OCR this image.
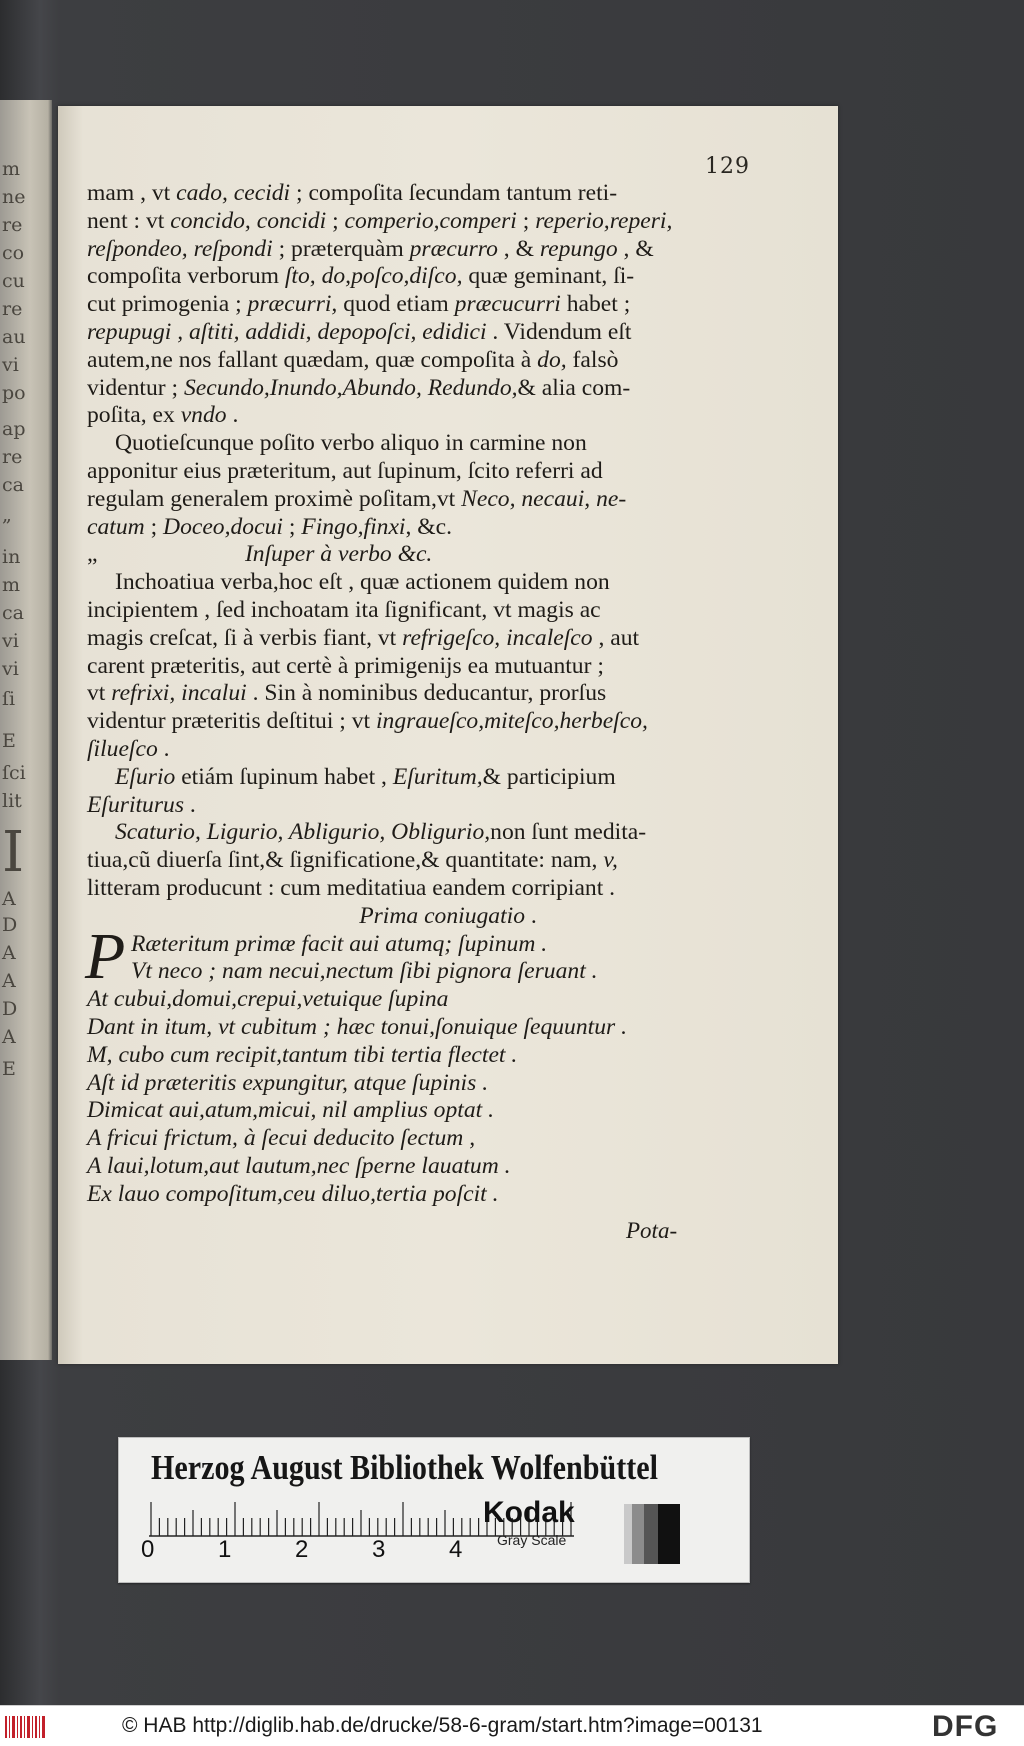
m
ne
re
co
cu
re
au
vi
po
ap
re
ca
„
in
m
ca
vi
vi
ſi
E
ſci
lit
I
A
D
A
A
D
A
E
129
mam , vt cado, cecidi ; compoſita ſecundam tantum reti-
nent : vt concido, concidi ; comperio,comperi ; reperio,reperi,
reſpondeo, reſpondi ; præterquàm præcurro , & repungo , &
compoſita verborum ſto, do,poſco,diſco, quæ geminant, ſi-
cut primogenia ; præcurri, quod etiam præcucurri habet ;
repupugi , aſtiti, addidi, depopoſci, edidici . Videndum eſt
autem,ne nos fallant quædam, quæ compoſita à do, falsò
videntur ; Secundo,Inundo,Abundo, Redundo,& alia com-
poſita, ex vndo .
Quotieſcunque poſito verbo aliquo in carmine non
apponitur eius præteritum, aut ſupinum, ſcito referri ad
regulam generalem proximè poſitam,vt Neco, necaui, ne-
catum ; Doceo,docui ; Fingo,finxi, &c.
„                         Inſuper à verbo &c.
Inchoatiua verba,hoc eſt , quæ actionem quidem non
incipientem , ſed inchoatam ita ſignificant, vt magis ac
magis creſcat, ſi à verbis fiant, vt refrigeſco, incaleſco , aut
carent præteritis, aut certè à primigenijs ea mutuantur ;
vt refrixi, incalui . Sin à nominibus deducantur, prorſus
videntur præteritis deſtitui ; vt ingraueſco,miteſco,herbeſco,
ſilueſco .
Eſurio etiám ſupinum habet , Eſuritum,& participium
Eſuriturus .
Scaturio, Ligurio, Abligurio, Obligurio,non ſunt medita-
tiua,cũ diuerſa ſint,& ſignificatione,& quantitate: nam, v,
litteram producunt : cum meditatiua eandem corripiant .
Prima coniugatio .
P Ræteritum primæ facit aui atumq; ſupinum .
Vt neco ; nam necui,nectum ſibi pignora ſeruant .
At cubui,domui,crepui,vetuique ſupina
Dant in itum, vt cubitum ; hæc tonui,ſonuique ſequuntur .
M, cubo cum recipit,tantum tibi tertia flectet .
Aſt id præteritis expungitur, atque ſupinis .
Dimicat aui,atum,micui, nil amplius optat .
A fricui frictum, à ſecui deducito ſectum ,
A laui,lotum,aut lautum,nec ſperne lauatum .
Ex lauo compoſitum,ceu diluo,tertia poſcit .
Pota-
Herzog August Bibliothek Wolfenbüttel
0	1	2	3	4
Kodak
Gray Scale
© HAB http://diglib.hab.de/drucke/58-6-gram/start.htm?image=00131	DFG
